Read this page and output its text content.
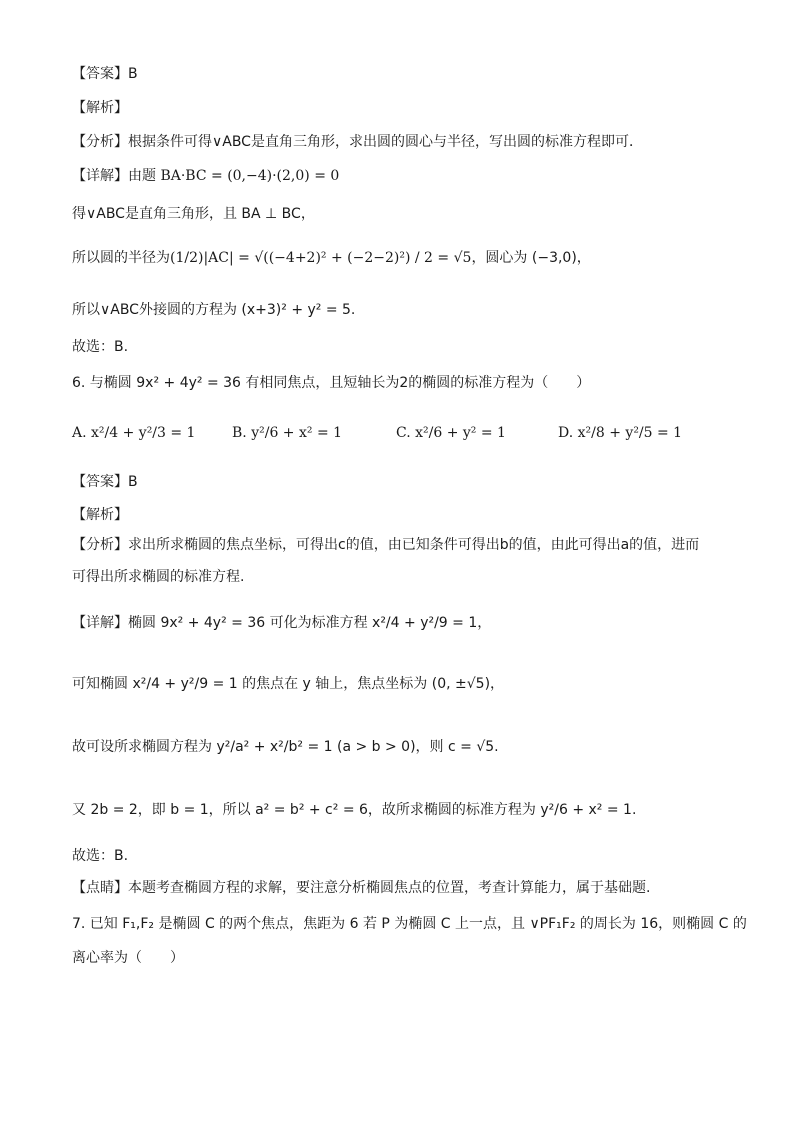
【答案】B
【解析】
【分析】根据条件可得∨ABC是直角三角形，求出圆的圆心与半径，写出圆的标准方程即可．
【详解】由题 BA·BC = (0,−4)·(2,0) = 0
得∨ABC是直角三角形，且 BA ⊥ BC，
所以圆的半径为(1/2)|AC| = √((−4+2)² + (−2−2)²) / 2 = √5，圆心为 (−3,0)，
所以∨ABC外接圆的方程为 (x+3)² + y² = 5.
故选：B.
6. 与椭圆 9x² + 4y² = 36 有相同焦点，且短轴长为2的椭圆的标准方程为（　　）
A. x²/4 + y²/3 = 1	B. y²/6 + x² = 1	C. x²/6 + y² = 1	D. x²/8 + y²/5 = 1
【答案】B
【解析】
【分析】求出所求椭圆的焦点坐标，可得出c的值，由已知条件可得出b的值，由此可得出a的值，进而
可得出所求椭圆的标准方程.
【详解】椭圆 9x² + 4y² = 36 可化为标准方程 x²/4 + y²/9 = 1，
可知椭圆 x²/4 + y²/9 = 1 的焦点在 y 轴上，焦点坐标为 (0, ±√5)，
故可设所求椭圆方程为 y²/a² + x²/b² = 1 (a > b > 0)，则 c = √5.
又 2b = 2，即 b = 1，所以 a² = b² + c² = 6，故所求椭圆的标准方程为 y²/6 + x² = 1.
故选：B.
【点睛】本题考查椭圆方程的求解，要注意分析椭圆焦点的位置，考查计算能力，属于基础题.
7. 已知 F₁,F₂ 是椭圆 C 的两个焦点，焦距为 6 若 P 为椭圆 C 上一点，且 ∨PF₁F₂ 的周长为 16，则椭圆 C 的
离心率为（　　）
